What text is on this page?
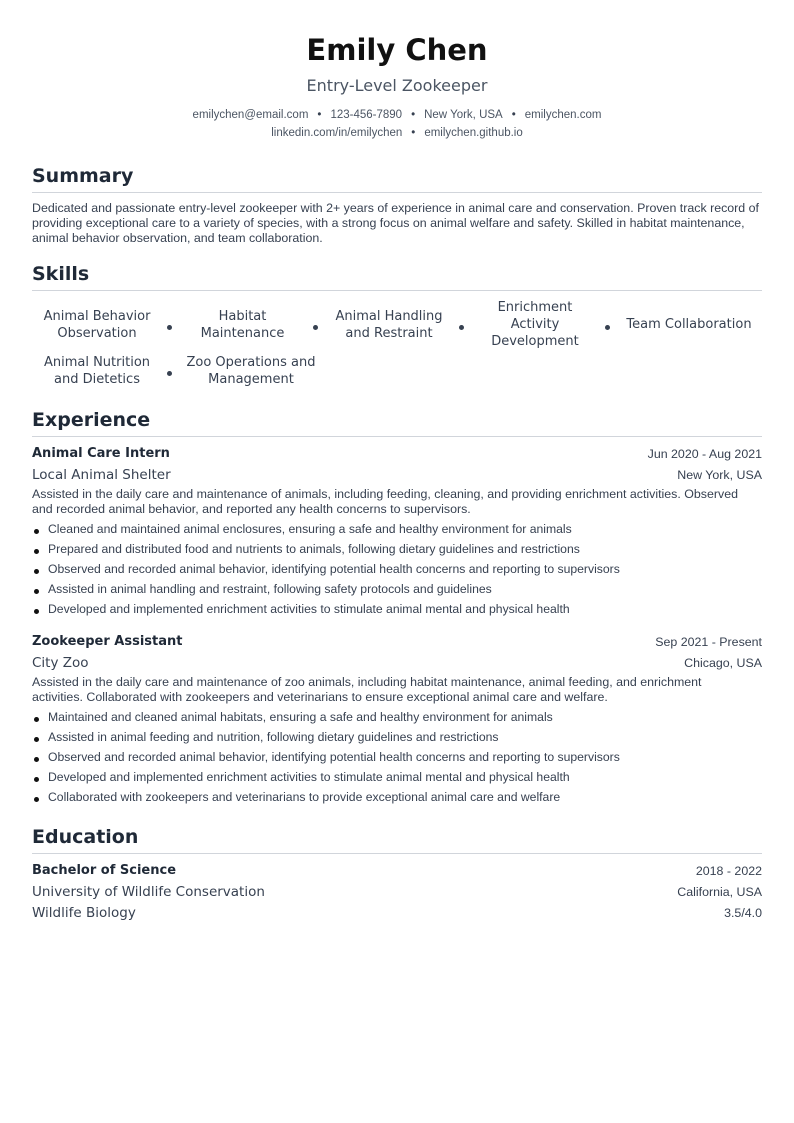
Emily Chen
Entry-Level Zookeeper
emilychen@email.com • 123-456-7890 • New York, USA • emilychen.com
linkedin.com/in/emilychen • emilychen.github.io
Summary
Dedicated and passionate entry-level zookeeper with 2+ years of experience in animal care and conservation. Proven track record of providing exceptional care to a variety of species, with a strong focus on animal welfare and safety. Skilled in habitat maintenance, animal behavior observation, and team collaboration.
Skills
Animal Behavior Observation
Habitat Maintenance
Animal Handling and Restraint
Enrichment Activity Development
Team Collaboration
Animal Nutrition and Dietetics
Zoo Operations and Management
Experience
Animal Care Intern	Jun 2020 - Aug 2021
Local Animal Shelter	New York, USA
Assisted in the daily care and maintenance of animals, including feeding, cleaning, and providing enrichment activities. Observed and recorded animal behavior, and reported any health concerns to supervisors.
Cleaned and maintained animal enclosures, ensuring a safe and healthy environment for animals
Prepared and distributed food and nutrients to animals, following dietary guidelines and restrictions
Observed and recorded animal behavior, identifying potential health concerns and reporting to supervisors
Assisted in animal handling and restraint, following safety protocols and guidelines
Developed and implemented enrichment activities to stimulate animal mental and physical health
Zookeeper Assistant	Sep 2021 - Present
City Zoo	Chicago, USA
Assisted in the daily care and maintenance of zoo animals, including habitat maintenance, animal feeding, and enrichment activities. Collaborated with zookeepers and veterinarians to ensure exceptional animal care and welfare.
Maintained and cleaned animal habitats, ensuring a safe and healthy environment for animals
Assisted in animal feeding and nutrition, following dietary guidelines and restrictions
Observed and recorded animal behavior, identifying potential health concerns and reporting to supervisors
Developed and implemented enrichment activities to stimulate animal mental and physical health
Collaborated with zookeepers and veterinarians to provide exceptional animal care and welfare
Education
Bachelor of Science	2018 - 2022
University of Wildlife Conservation	California, USA
Wildlife Biology	3.5/4.0
